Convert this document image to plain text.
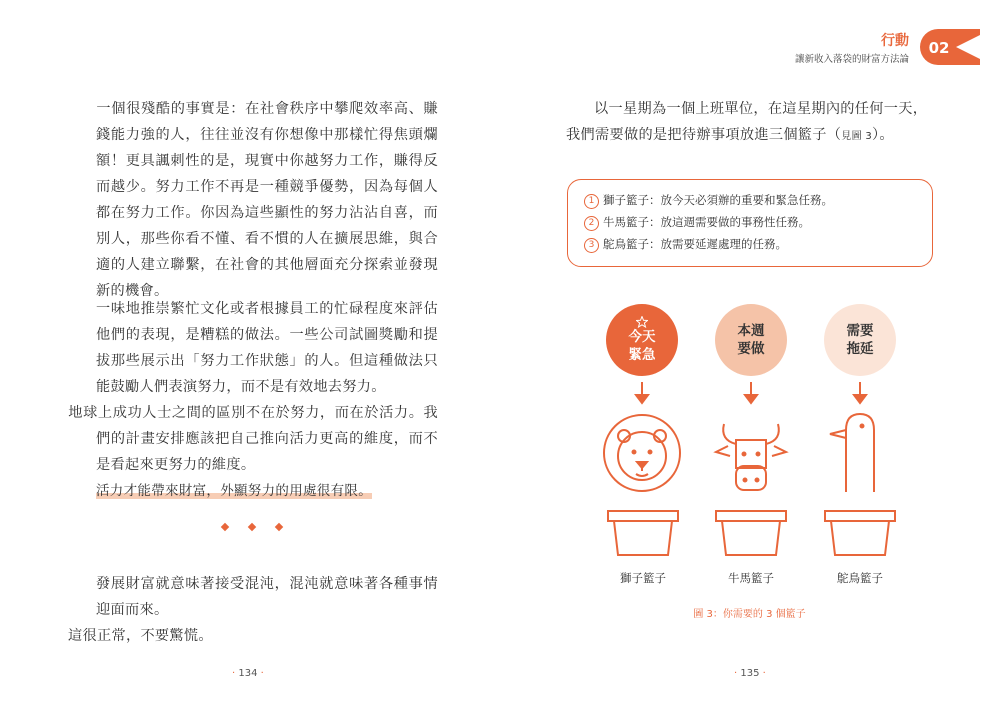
一個很殘酷的事實是：在社會秩序中攀爬效率高、賺錢能力強的人，往往並沒有你想像中那樣忙得焦頭爛額！更具諷刺性的是，現實中你越努力工作，賺得反而越少。努力工作不再是一種競爭優勢，因為每個人都在努力工作。你因為這些顯性的努力沾沾自喜，而別人，那些你看不懂、看不慣的人在擴展思維，與合適的人建立聯繫，在社會的其他層面充分探索並發現新的機會。

一味地推崇繁忙文化或者根據員工的忙碌程度來評估他們的表現，是糟糕的做法。一些公司試圖獎勵和提拔那些展示出「努力工作狀態」的人。但這種做法只能鼓勵人們表演努力，而不是有效地去努力。

地球上成功人士之間的區別不在於努力，而在於活力。我們的計畫安排應該把自己推向活力更高的維度，而不是看起來更努力的維度。

活力才能帶來財富，外顯努力的用處很有限。

發展財富就意味著接受混沌，混沌就意味著各種事情迎面而來。

這很正常，不要驚慌。

· 134 ·
行動
讓新收入落袋的財富方法論
02

以一星期為一個上班單位，在這星期內的任何一天，我們需要做的是把待辦事項放進三個籃子（見圖 3）。

1 獅子籃子：放今天必須辦的重要和緊急任務。
2 牛馬籃子：放這週需要做的事務性任務。
3 鴕鳥籃子：放需要延遲處理的任務。
今天
緊急
本週
要做
需要
拖延
獅子籃子	牛馬籃子	鴕鳥籃子
圖 3：你需要的 3 個籃子
· 135 ·
